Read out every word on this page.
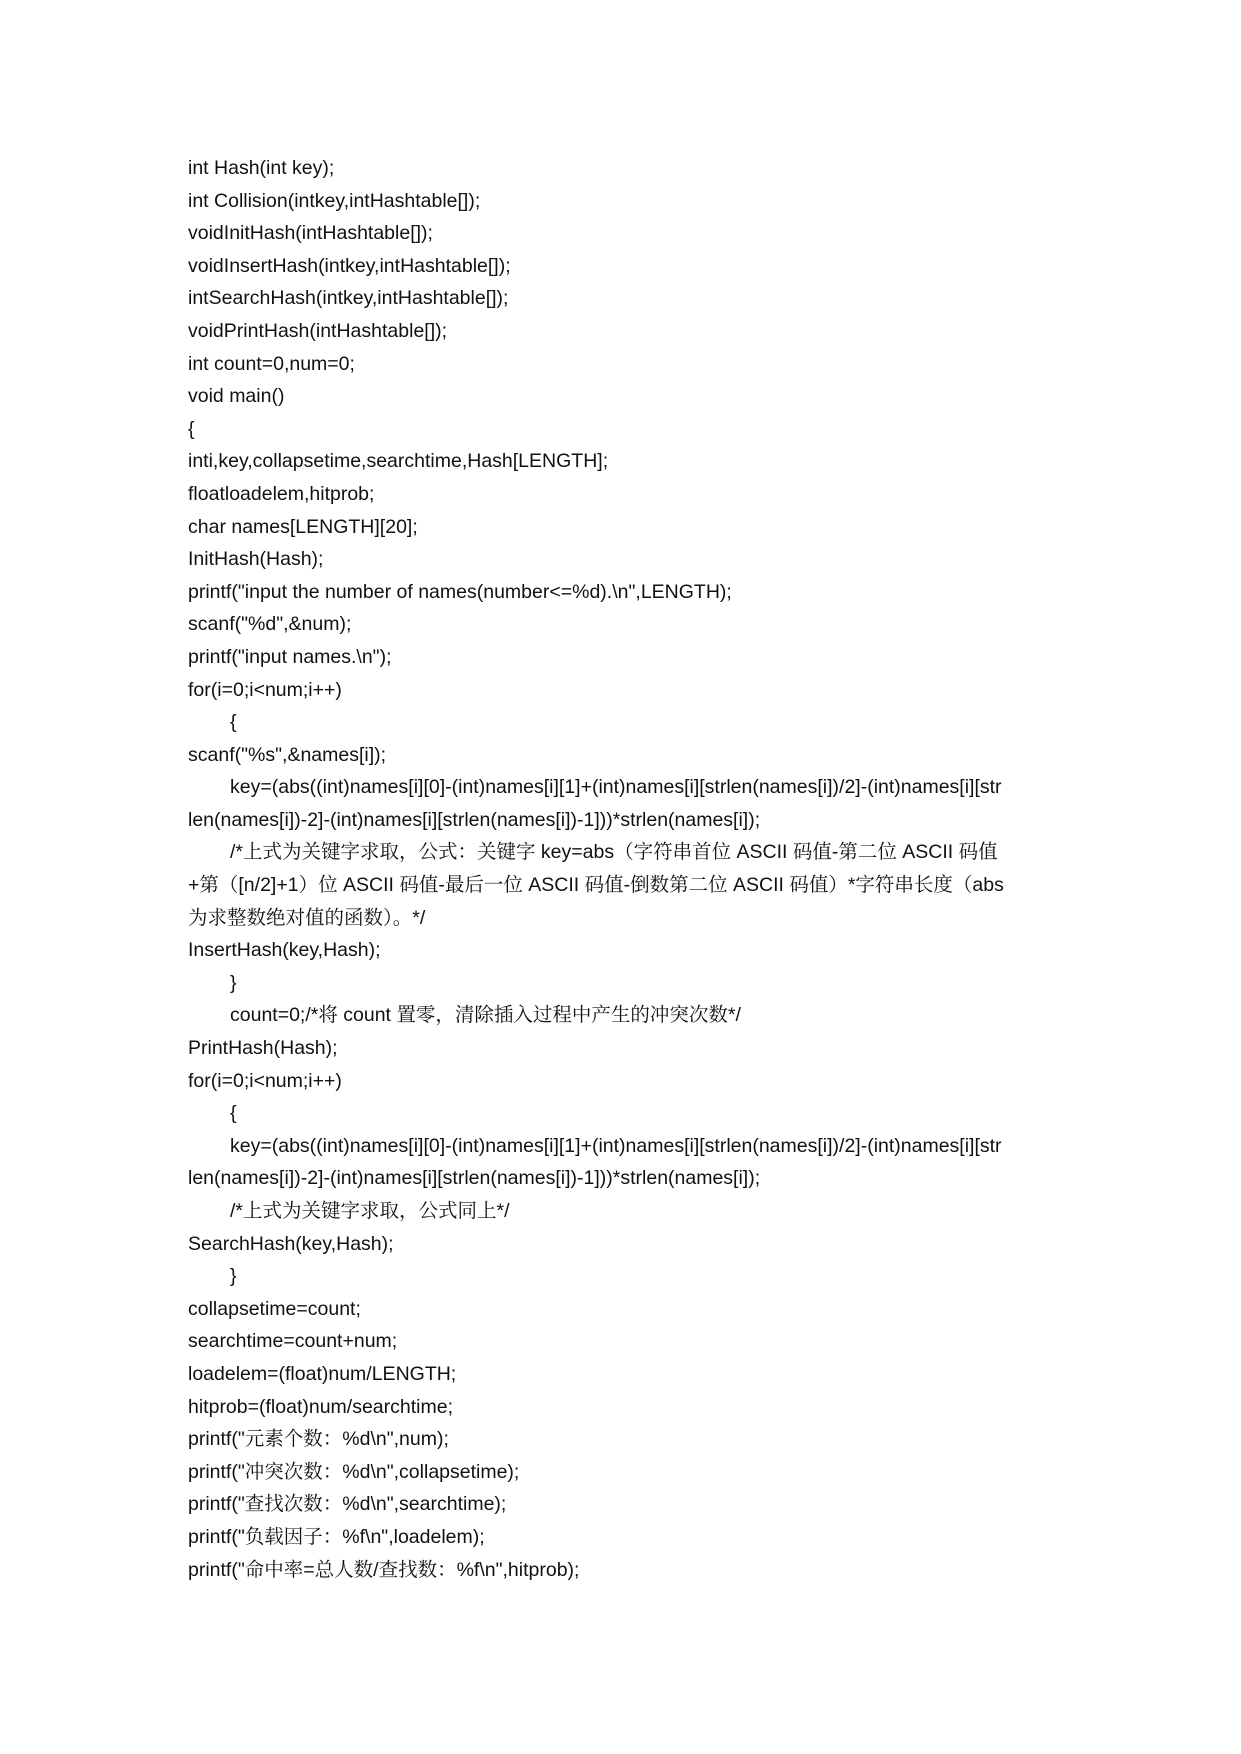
int Hash(int key);
int Collision(intkey,intHashtable[]);
voidInitHash(intHashtable[]);
voidInsertHash(intkey,intHashtable[]);
intSearchHash(intkey,intHashtable[]);
voidPrintHash(intHashtable[]);
int count=0,num=0;
void main()
{
inti,key,collapsetime,searchtime,Hash[LENGTH];
floatloadelem,hitprob;
char names[LENGTH][20];
InitHash(Hash);
printf("input the number of names(number<=%d).\n",LENGTH);
scanf("%d",&num);
printf("input names.\n");
for(i=0;i<num;i++)
{
scanf("%s",&names[i]);
key=(abs((int)names[i][0]-(int)names[i][1]+(int)names[i][strlen(names[i])/2]-(int)names[i][str
len(names[i])-2]-(int)names[i][strlen(names[i])-1]))*strlen(names[i]);
/*上式为关键字求取，公式：关键字 key=abs（字符串首位 ASCII 码值-第二位 ASCII 码值
+第（[n/2]+1）位 ASCII 码值-最后一位 ASCII 码值-倒数第二位 ASCII 码值）*字符串长度（abs
为求整数绝对值的函数）。*/
InsertHash(key,Hash);
}
count=0;/*将 count 置零，清除插入过程中产生的冲突次数*/
PrintHash(Hash);
for(i=0;i<num;i++)
{
key=(abs((int)names[i][0]-(int)names[i][1]+(int)names[i][strlen(names[i])/2]-(int)names[i][str
len(names[i])-2]-(int)names[i][strlen(names[i])-1]))*strlen(names[i]);
/*上式为关键字求取，公式同上*/
SearchHash(key,Hash);
}
collapsetime=count;
searchtime=count+num;
loadelem=(float)num/LENGTH;
hitprob=(float)num/searchtime;
printf("元素个数：%d\n",num);
printf("冲突次数：%d\n",collapsetime);
printf("查找次数：%d\n",searchtime);
printf("负载因子：%f\n",loadelem);
printf("命中率=总人数/查找数：%f\n",hitprob);
